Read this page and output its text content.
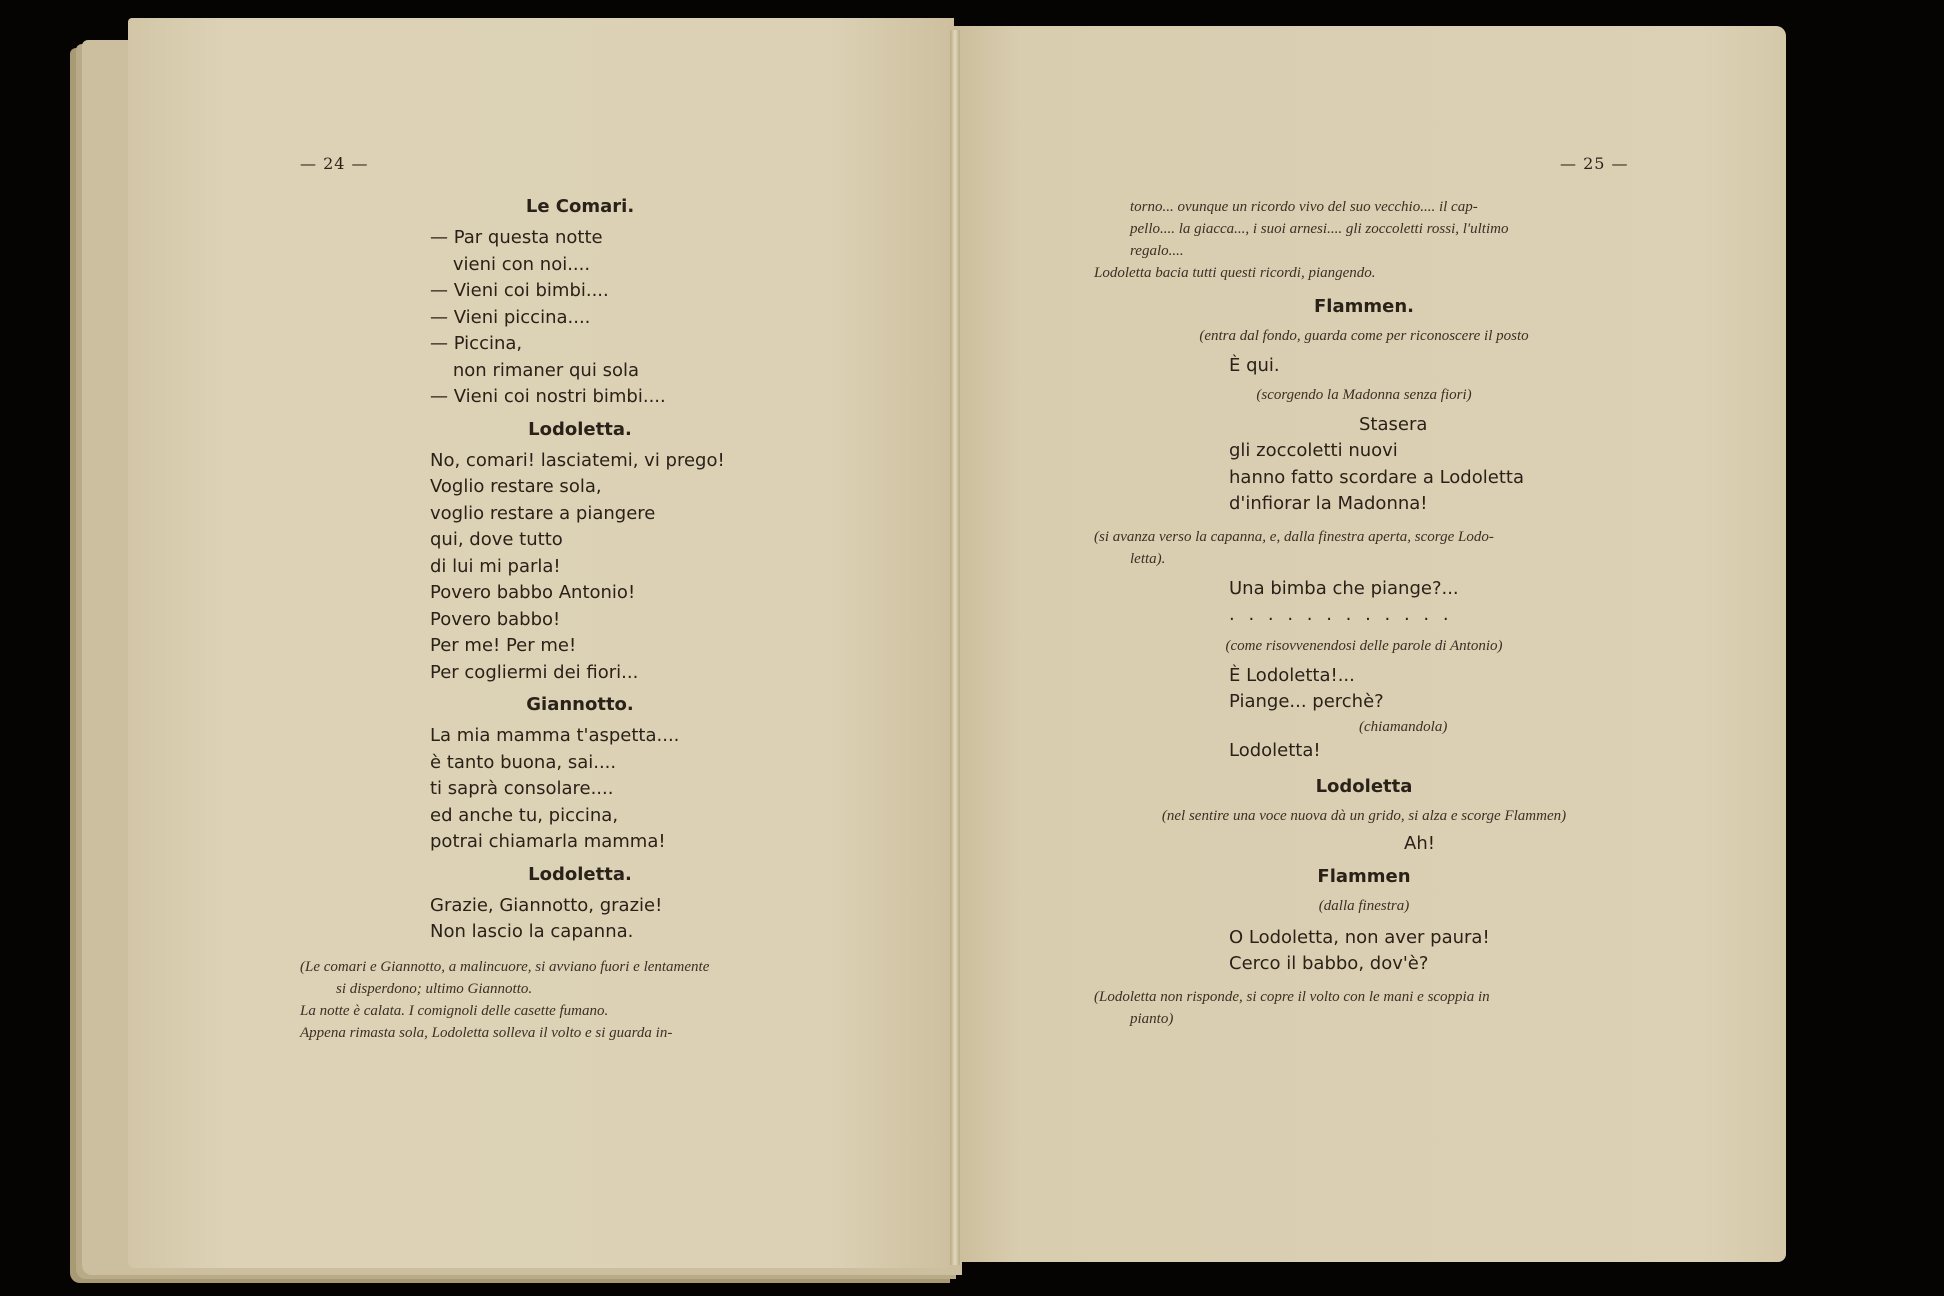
— 24 —	— 25 —
Le Comari.
— Par questa notte
vieni con noi....
— Vieni coi bimbi....
— Vieni piccina....
— Piccina,
non rimaner qui sola
— Vieni coi nostri bimbi....
Lodoletta.
No, comari! lasciatemi, vi prego!
Voglio restare sola,
voglio restare a piangere
qui, dove tutto
di lui mi parla!
Povero babbo Antonio!
Povero babbo!
Per me! Per me!
Per cogliermi dei fiori...
Giannotto.
La mia mamma t'aspetta....
è tanto buona, sai....
ti saprà consolare....
ed anche tu, piccina,
potrai chiamarla mamma!
Lodoletta.
Grazie, Giannotto, grazie!
Non lascio la capanna.
(Le comari e Giannotto, a malincuore, si avviano fuori e lentamente
si disperdono; ultimo Giannotto.
La notte è calata. I comignoli delle casette fumano.
Appena rimasta sola, Lodoletta solleva il volto e si guarda in-
torno... ovunque un ricordo vivo del suo vecchio.... il cap-
pello.... la giacca..., i suoi arnesi.... gli zoccoletti rossi, l'ultimo
regalo....
Lodoletta bacia tutti questi ricordi, piangendo.
Flammen.
(entra dal fondo, guarda come per riconoscere il posto
È qui.
(scorgendo la Madonna senza fiori)
Stasera
gli zoccoletti nuovi
hanno fatto scordare a Lodoletta
d'infiorar la Madonna!
(si avanza verso la capanna, e, dalla finestra aperta, scorge Lodo-
letta).
Una bimba che piange?...
. . . . . . . . . . . .
(come risovvenendosi delle parole di Antonio)
È Lodoletta!...
Piange... perchè?
(chiamandola)
Lodoletta!
Lodoletta
(nel sentire una voce nuova dà un grido, si alza e scorge Flammen)
Ah!
Flammen
(dalla finestra)
O Lodoletta, non aver paura!
Cerco il babbo, dov'è?
(Lodoletta non risponde, si copre il volto con le mani e scoppia in
pianto)
